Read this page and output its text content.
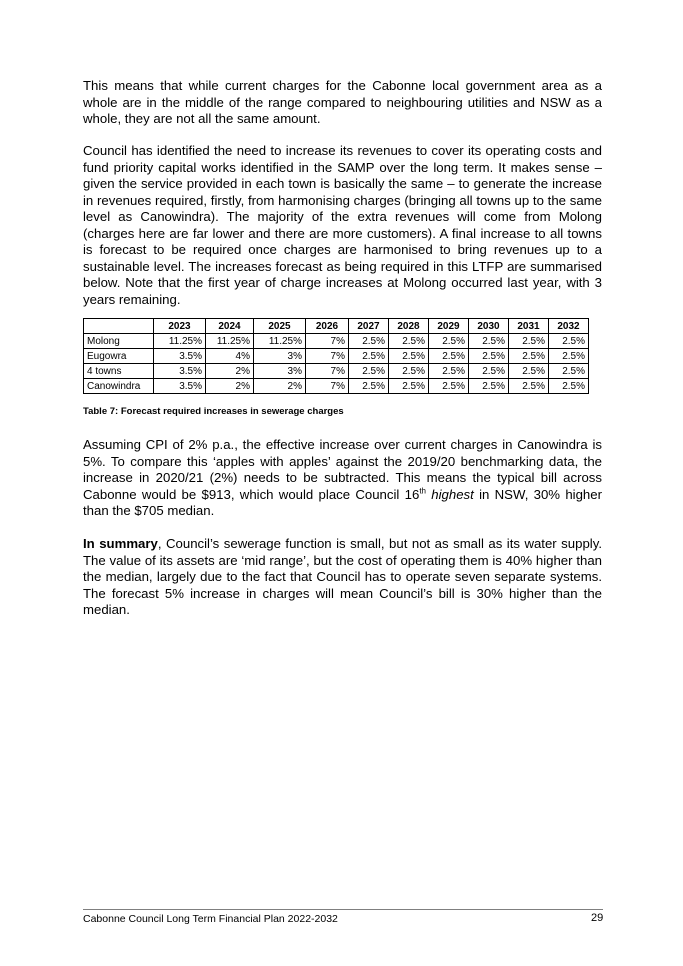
This means that while current charges for the Cabonne local government area as a whole are in the middle of the range compared to neighbouring utilities and NSW as a whole, they are not all the same amount.

Council has identified the need to increase its revenues to cover its operating costs and fund priority capital works identified in the SAMP over the long term. It makes sense – given the service provided in each town is basically the same – to generate the increase in revenues required, firstly, from harmonising charges (bringing all towns up to the same level as Canowindra). The majority of the extra revenues will come from Molong (charges here are far lower and there are more customers). A final increase to all towns is forecast to be required once charges are harmonised to bring revenues up to a sustainable level. The increases forecast as being required in this LTFP are summarised below. Note that the first year of charge increases at Molong occurred last year, with 3 years remaining.

	2023	2024	2025	2026	2027	2028	2029	2030	2031	2032
Molong	11.25%	11.25%	11.25%	7%	2.5%	2.5%	2.5%	2.5%	2.5%	2.5%
Eugowra	3.5%	4%	3%	7%	2.5%	2.5%	2.5%	2.5%	2.5%	2.5%
4 towns	3.5%	2%	3%	7%	2.5%	2.5%	2.5%	2.5%	2.5%	2.5%
Canowindra	3.5%	2%	2%	7%	2.5%	2.5%	2.5%	2.5%	2.5%	2.5%
Table 7: Forecast required increases in sewerage charges

Assuming CPI of 2% p.a., the effective increase over current charges in Canowindra is 5%. To compare this ‘apples with apples’ against the 2019/20 benchmarking data, the increase in 2020/21 (2%) needs to be subtracted. This means the typical bill across Cabonne would be $913, which would place Council 16th highest in NSW, 30% higher than the $705 median.

In summary, Council’s sewerage function is small, but not as small as its water supply. The value of its assets are ‘mid range’, but the cost of operating them is 40% higher than the median, largely due to the fact that Council has to operate seven separate systems. The forecast 5% increase in charges will mean Council’s bill is 30% higher than the median.

Cabonne Council Long Term Financial Plan 2022-2032	29
